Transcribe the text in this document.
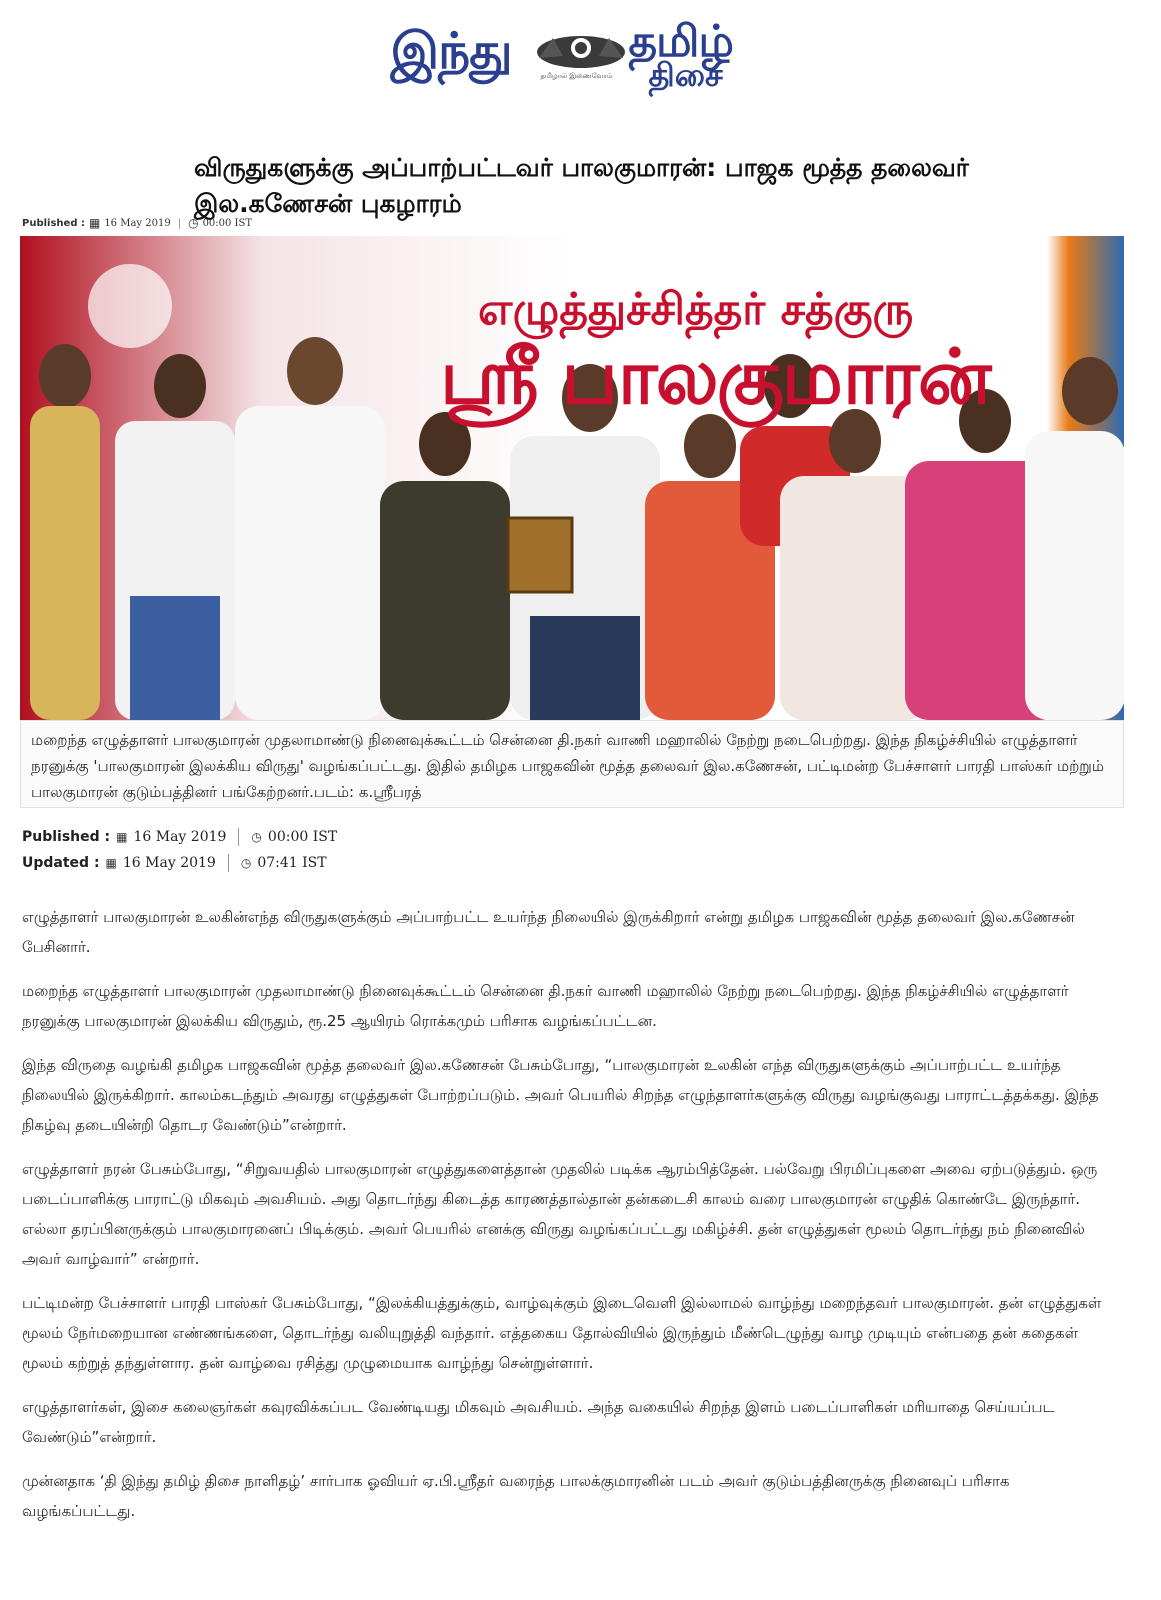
இந்து	தமிழால் இணைவோம்
தமிழ்
திசை
விருதுகளுக்கு அப்பாற்பட்டவர் பாலகுமாரன்: பாஜக மூத்த தலைவர் இல.கணேசன் புகழாரம்
Published : ▦ 16 May 2019 | ◷ 00:00 IST
எழுத்துச்சித்தர் சத்குரு
ஸ்ரீ பாலகுமாரன்

மறைந்த எழுத்தாளர் பாலகுமாரன் முதலாமாண்டு நினைவுக்கூட்டம் சென்னை தி.நகர் வாணி மஹாலில் நேற்று நடைபெற்றது. இந்த நிகழ்ச்சியில் எழுத்தாளர் நரனுக்கு 'பாலகுமாரன் இலக்கிய விருது' வழங்கப்பட்டது. இதில் தமிழக பாஜகவின் மூத்த தலைவர் இல.கணேசன், பட்டிமன்ற பேச்சாளர் பாரதி பாஸ்கர் மற்றும் பாலகுமாரன் குடும்பத்தினர் பங்கேற்றனர்.படம்: க.ஸ்ரீபரத்

Published : ▦ 16 May 2019 ◷ 00:00 IST
Updated : ▦ 16 May 2019 ◷ 07:41 IST

எழுத்தாளர் பாலகுமாரன் உலகின்எந்த விருதுகளுக்கும் அப்பாற்பட்ட உயர்ந்த நிலையில் இருக்கிறார் என்று தமிழக பாஜகவின் மூத்த தலைவர் இல.கணேசன் பேசினார்.

மறைந்த எழுத்தாளர் பாலகுமாரன் முதலாமாண்டு நினைவுக்கூட்டம் சென்னை தி.நகர் வாணி மஹாலில் நேற்று நடைபெற்றது. இந்த நிகழ்ச்சியில் எழுத்தாளர் நரனுக்கு பாலகுமாரன் இலக்கிய விருதும், ரூ.25 ஆயிரம் ரொக்கமும் பரிசாக வழங்கப்பட்டன.

இந்த விருதை வழங்கி தமிழக பாஜகவின் மூத்த தலைவர் இல.கணேசன் பேசும்போது, “பாலகுமாரன் உலகின் எந்த விருதுகளுக்கும் அப்பாற்பட்ட உயர்ந்த நிலையில் இருக்கிறார். காலம்கடந்தும் அவரது எழுத்துகள் போற்றப்படும். அவர் பெயரில் சிறந்த எழுந்தாளர்களுக்கு விருது வழங்குவது பாராட்டத்தக்கது. இந்த நிகழ்வு தடையின்றி தொடர வேண்டும்”என்றார்.

எழுத்தாளர் நரன் பேசும்போது, “சிறுவயதில் பாலகுமாரன் எழுத்துகளைத்தான் முதலில் படிக்க ஆரம்பித்தேன். பல்வேறு பிரமிப்புகளை அவை ஏற்படுத்தும். ஒரு படைப்பாளிக்கு பாராட்டு மிகவும் அவசியம். அது தொடர்ந்து கிடைத்த காரணத்தால்தான் தன்கடைசி காலம் வரை பாலகுமாரன் எழுதிக் கொண்டே இருந்தார். எல்லா தரப்பினருக்கும் பாலகுமாரனைப் பிடிக்கும். அவர் பெயரில் எனக்கு விருது வழங்கப்பட்டது மகிழ்ச்சி. தன் எழுத்துகள் மூலம் தொடர்ந்து நம் நினைவில் அவர் வாழ்வார்” என்றார்.

பட்டிமன்ற பேச்சாளர் பாரதி பாஸ்கர் பேசும்போது, “இலக்கியத்துக்கும், வாழ்வுக்கும் இடைவெளி இல்லாமல் வாழ்ந்து மறைந்தவர் பாலகுமாரன். தன் எழுத்துகள் மூலம் நேர்மறையான எண்ணங்களை, தொடர்ந்து வலியுறுத்தி வந்தார். எத்தகைய தோல்வியில் இருந்தும் மீண்டெழுந்து வாழ முடியும் என்பதை தன் கதைகள் மூலம் கற்றுத் தந்துள்ளார. தன் வாழ்வை ரசித்து முழுமையாக வாழ்ந்து சென்றுள்ளார்.

எழுத்தாளர்கள், இசை கலைஞர்கள் கவுரவிக்கப்பட வேண்டியது மிகவும் அவசியம். அந்த வகையில் சிறந்த இளம் படைப்பாளிகள் மரியாதை செய்யப்பட வேண்டும்”என்றார்.

முன்னதாக ‘தி இந்து தமிழ் திசை நாளிதழ்’ சார்பாக ஓவியர் ஏ.பி.ஸ்ரீதர் வரைந்த பாலக்குமாரனின் படம் அவர் குடும்பத்தினருக்கு நினைவுப் பரிசாக வழங்கப்பட்டது.
